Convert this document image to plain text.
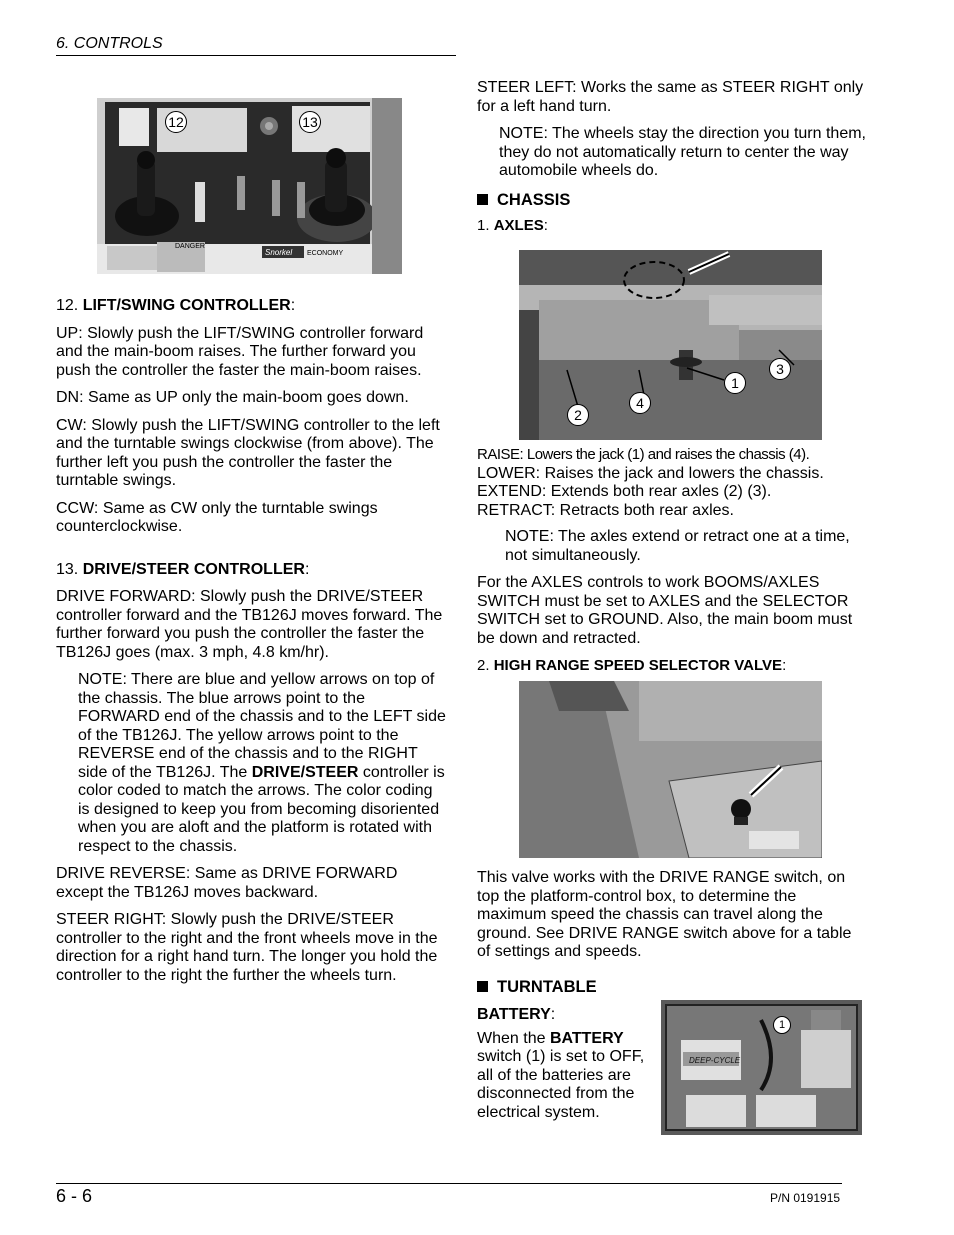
6. CONTROLS
DANGER
Snorkel ECONOMY
12	13

12. LIFT/SWING CONTROLLER:

UP: Slowly push the LIFT/SWING controller forward and the main-boom raises. The further forward you push the controller the faster the main-boom raises.

DN: Same as UP only the main-boom goes down.

CW: Slowly push the LIFT/SWING controller to the left and the turntable swings clockwise (from above). The further left you push the controller the faster the turntable swings.

CCW: Same as CW only the turntable swings counterclockwise.

13. DRIVE/STEER CONTROLLER:

DRIVE FORWARD: Slowly push the DRIVE/STEER controller forward and the TB126J moves forward. The further forward you push the controller the faster the TB126J goes (max. 3 mph, 4.8 km/hr).

NOTE: There are blue and yellow arrows on top of the chassis. The blue arrows point to the FORWARD end of the chassis and to the LEFT side of the TB126J. The yellow arrows point to the REVERSE end of the chassis and to the RIGHT side of the TB126J. The DRIVE/STEER controller is color coded to match the arrows. The color coding is designed to keep you from becoming disoriented when you are aloft and the platform is rotated with respect to the chassis.

DRIVE REVERSE: Same as DRIVE FORWARD except the TB126J moves backward.

STEER RIGHT: Slowly push the DRIVE/STEER controller to the right and the front wheels move in the direction for a right hand turn. The longer you hold the controller to the right the further the wheels turn.

STEER LEFT: Works the same as STEER RIGHT only for a left hand turn.

NOTE: The wheels stay the direction you turn them, they do not automatically return to center the way automobile wheels do.

CHASSIS

1. AXLES:

1
2
3
4
RAISE: Lowers the jack (1) and raises the chassis (4).
LOWER: Raises the jack and lowers the chassis.
EXTEND: Extends both rear axles (2) (3).

RETRACT: Retracts both rear axles.

NOTE: The axles extend or retract one at a time, not simultaneously.

For the AXLES controls to work BOOMS/AXLES SWITCH must be set to AXLES and the SELECTOR SWITCH set to GROUND. Also, the main boom must be down and retracted.

2. HIGH RANGE SPEED SELECTOR VALVE:

This valve works with the DRIVE RANGE switch, on top the platform-control box, to determine the maximum speed the chassis can travel along the ground. See DRIVE RANGE switch above for a table of settings and speeds.

TURNTABLE
BATTERY:
When the BATTERY switch (1) is set to OFF, all of the batteries are disconnected from the electrical system.
DEEP-CYCLE
1
6 - 6	P/N 0191915
